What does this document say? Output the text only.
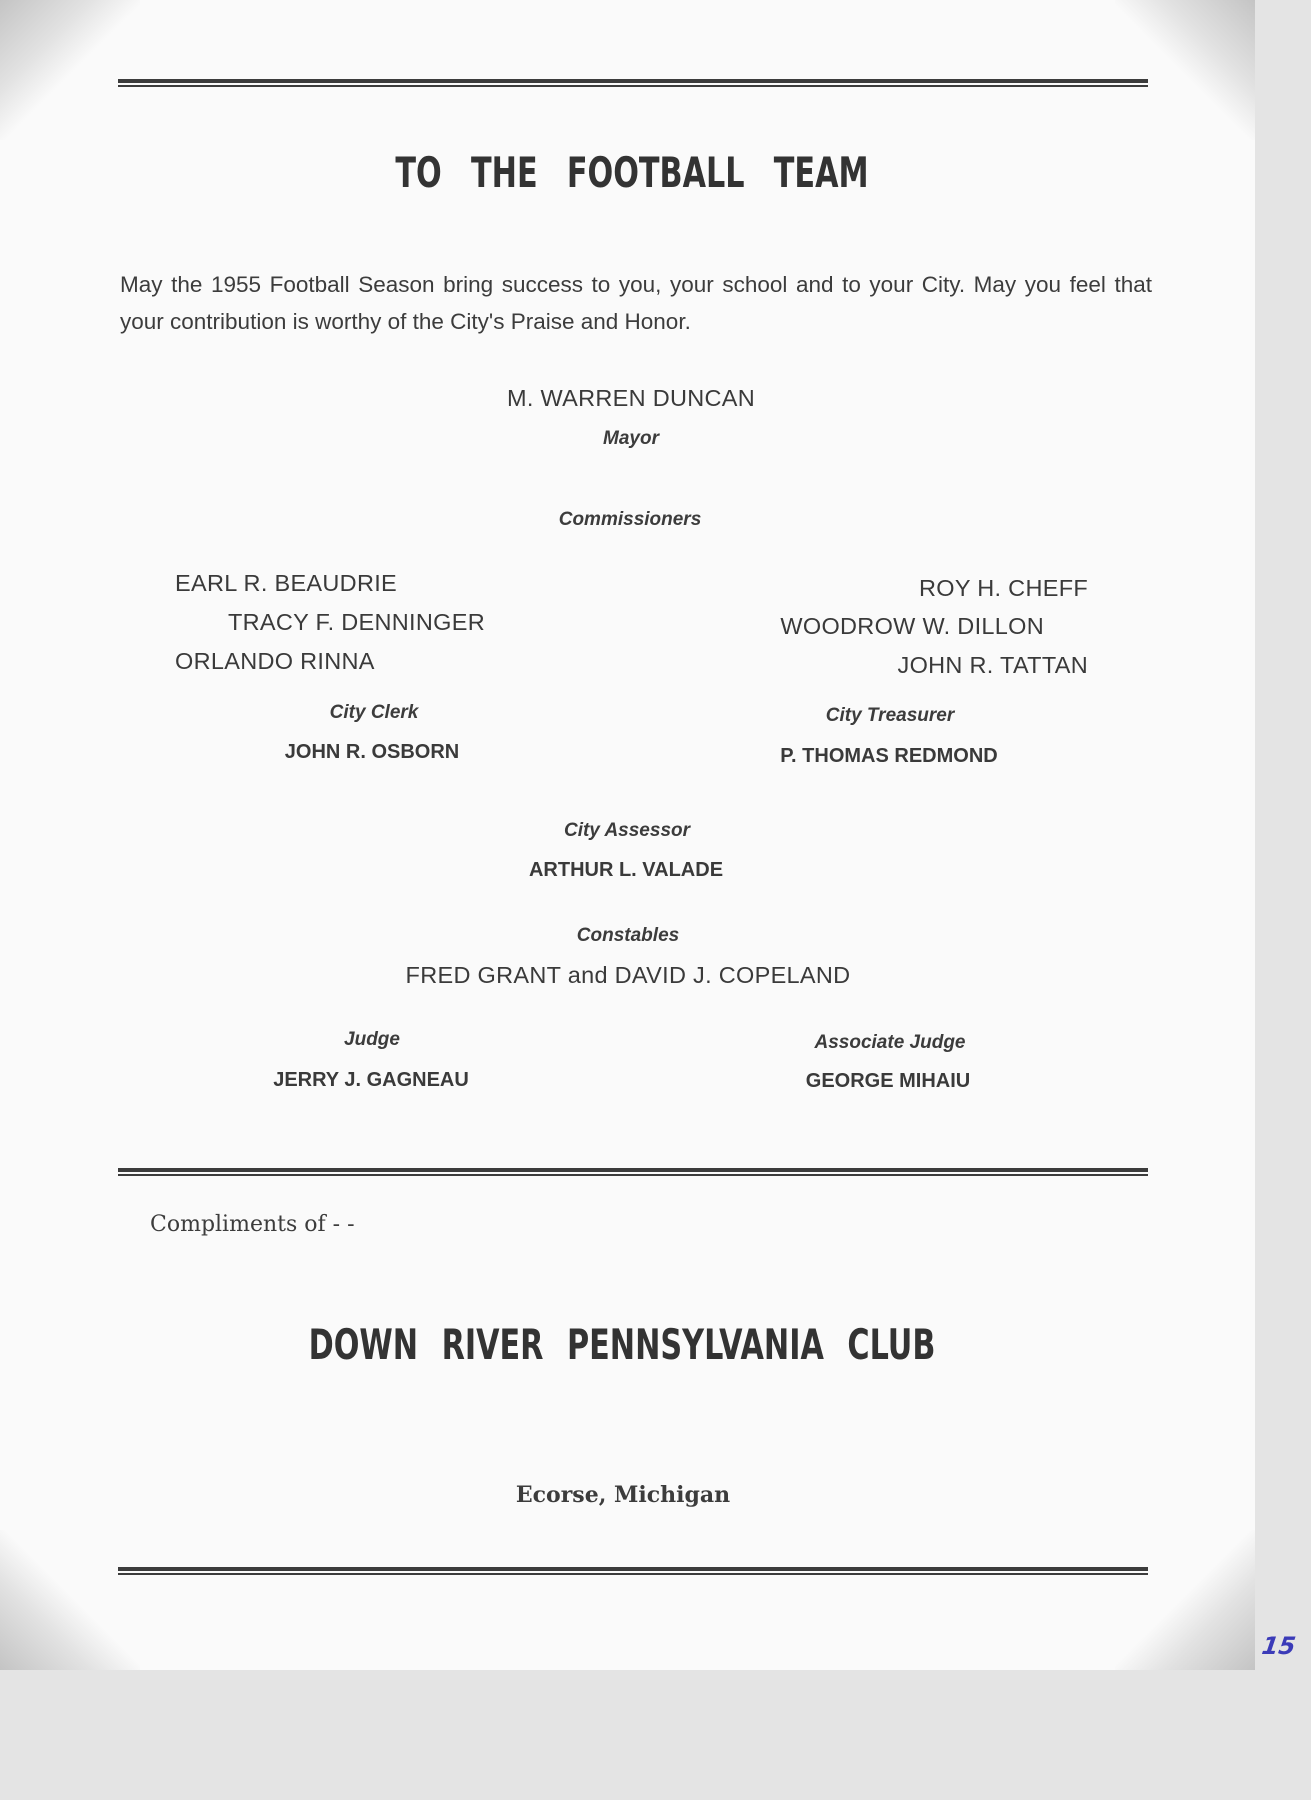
TO THE FOOTBALL TEAM

May the 1955 Football Season bring success to you, your school and to your City. May you feel that your contribution is worthy of the City's Praise and Honor.

M. WARREN DUNCAN
Mayor
Commissioners
EARL R. BEAUDRIE
TRACY F. DENNINGER
ORLANDO RINNA
ROY H. CHEFF
WOODROW W. DILLON
JOHN R. TATTAN
City Clerk
JOHN R. OSBORN
City Treasurer
P. THOMAS REDMOND
City Assessor
ARTHUR L. VALADE
Constables
FRED GRANT and DAVID J. COPELAND
Judge
JERRY J. GAGNEAU
Associate Judge
GEORGE MIHAIU
Compliments of - -
DOWN RIVER PENNSYLVANIA CLUB
Ecorse, Michigan
15
